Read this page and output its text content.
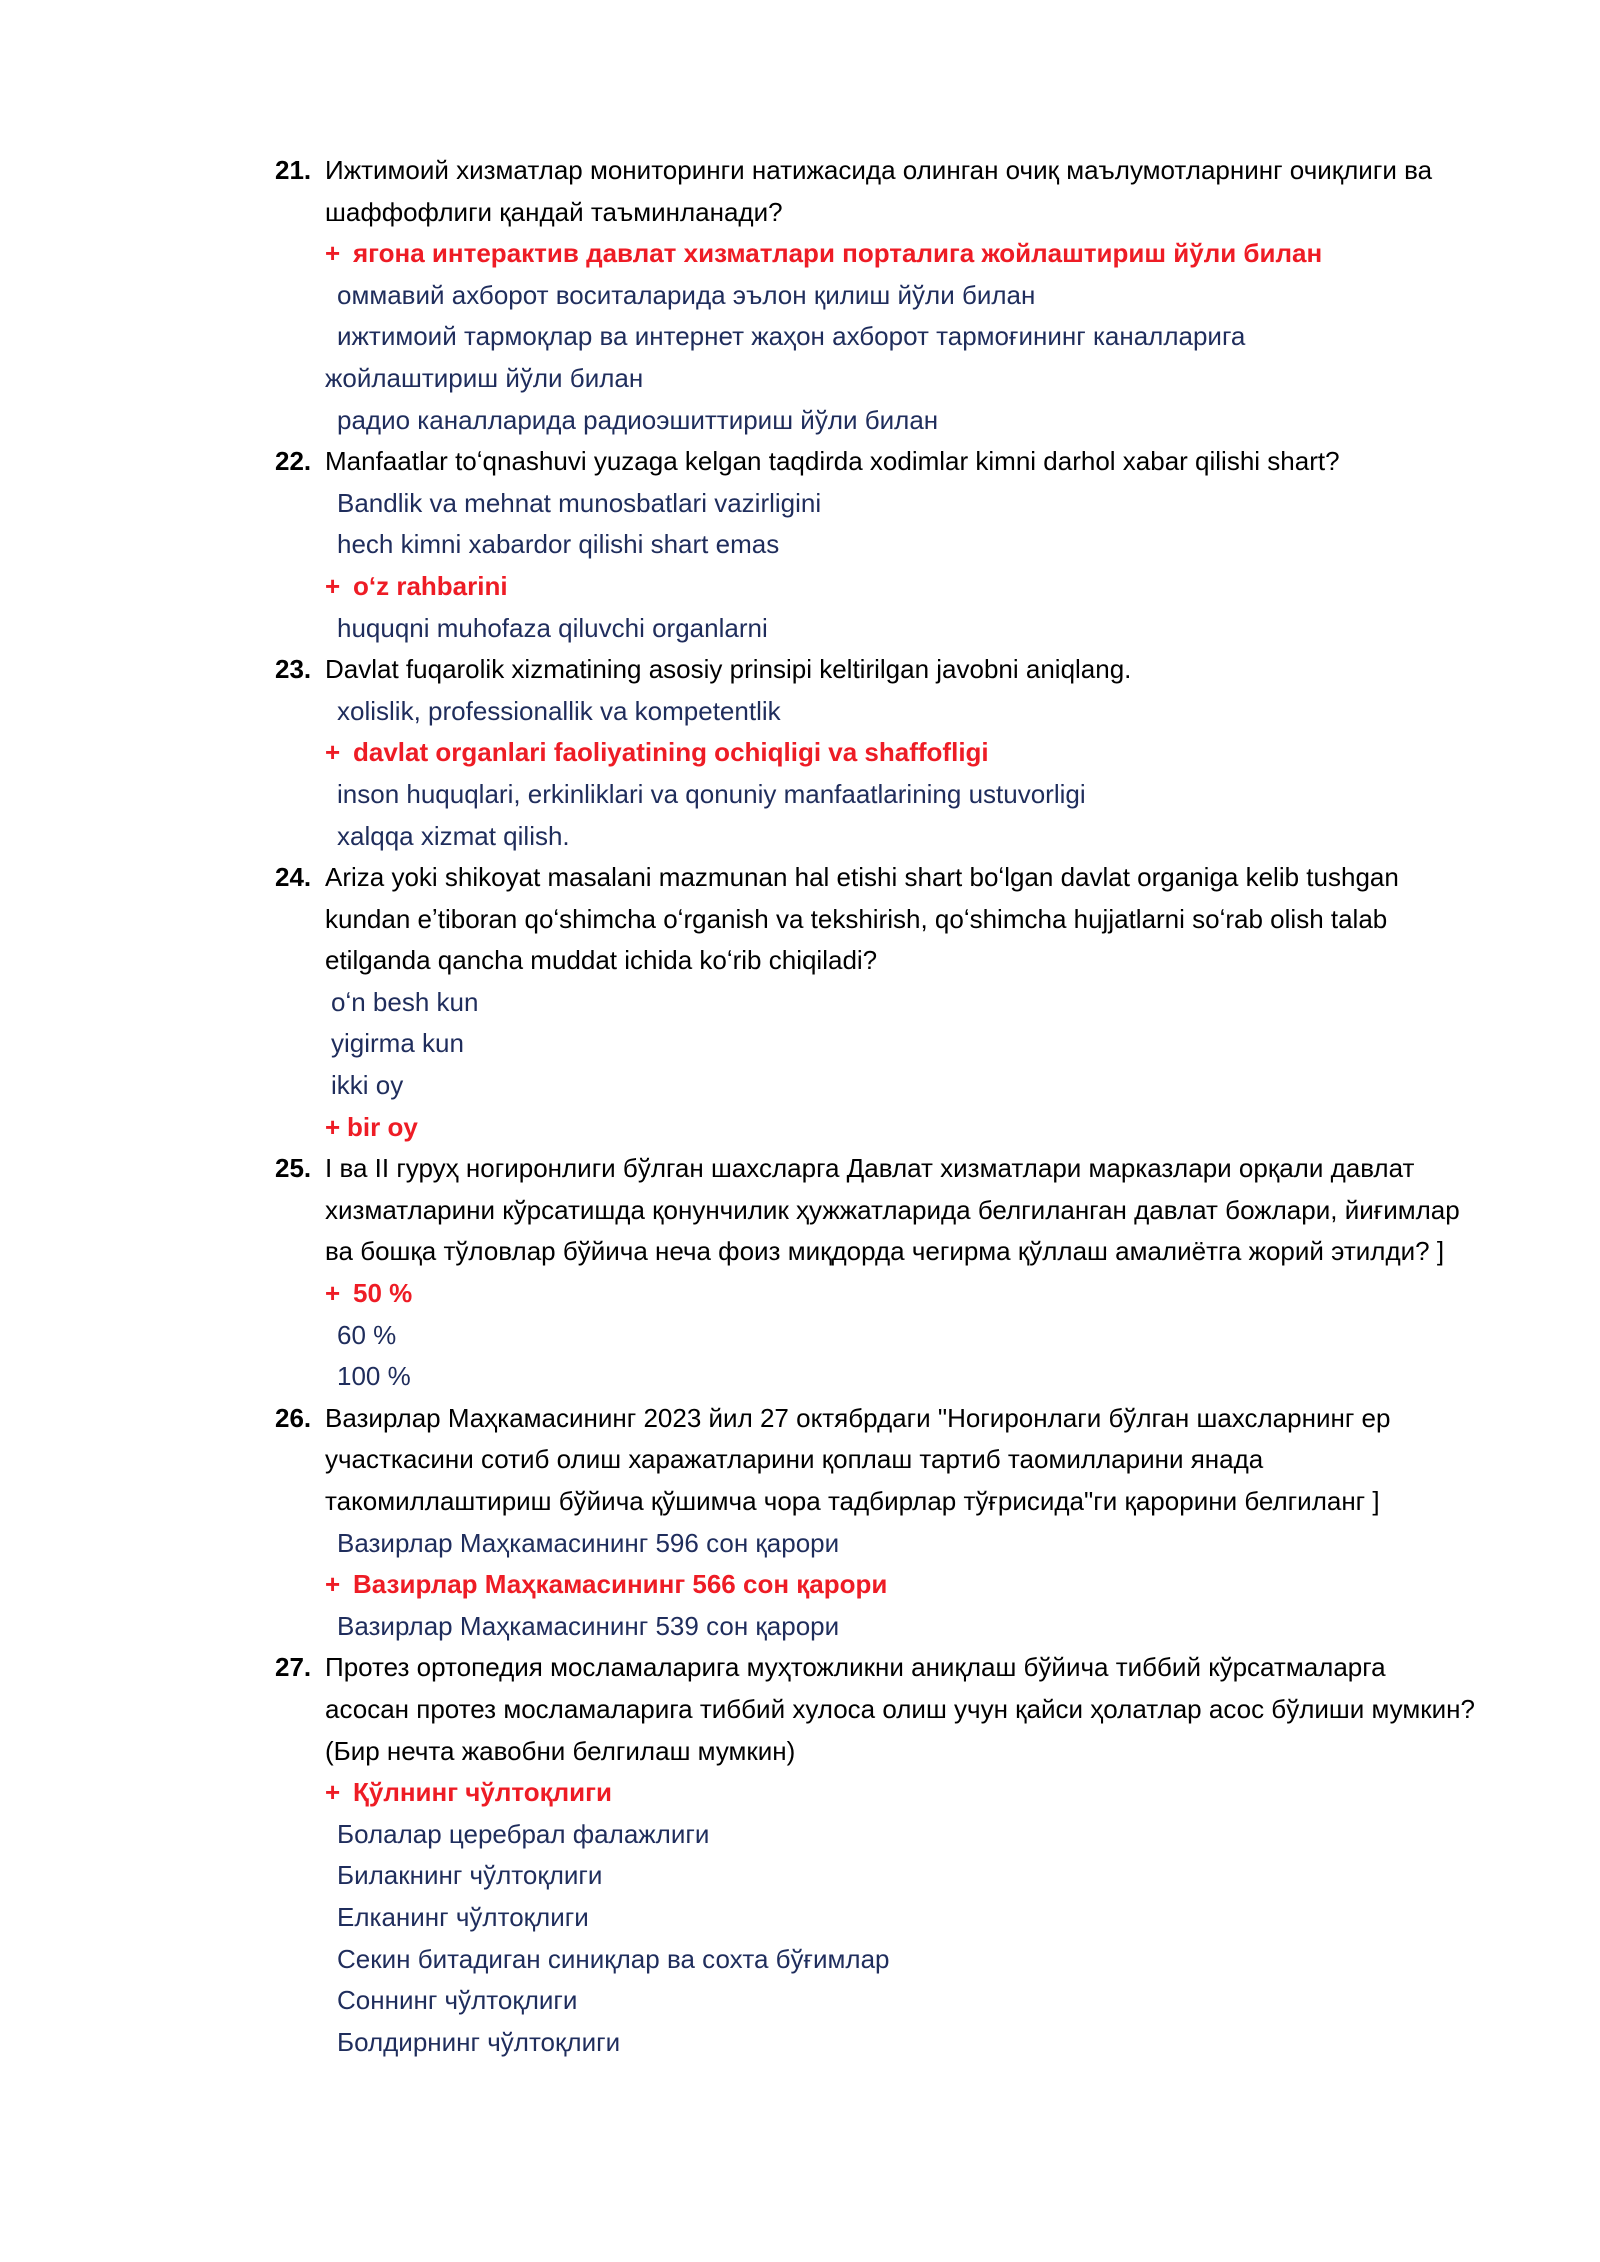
21. Ижтимоий хизматлар мониторинги натижасида олинган очиқ маълумотларнинг очиқлиги ва шаффофлиги қандай таъминланади?
+ ягона интерактив давлат хизматлари порталига жойлаштириш йўли билан
оммавий ахборот воситаларида эълон қилиш йўли билан
ижтимоий тармоқлар ва интернет жаҳон ахборот тармоғининг каналларига
жойлаштириш йўли билан
радио каналларида радиоэшиттириш йўли билан
22. Manfaatlar toʻqnashuvi yuzaga kelgan taqdirda xodimlar kimni darhol xabar qilishi shart?
Bandlik va mehnat munosbatlari vazirligini
hech kimni xabardor qilishi shart emas
+ oʻz rahbarini
huquqni muhofaza qiluvchi organlarni
23. Davlat fuqarolik xizmatining asosiy prinsipi keltirilgan javobni aniqlang.
xolislik, professionallik va kompetentlik
+ davlat organlari faoliyatining ochiqligi va shaffofligi
inson huquqlari, erkinliklari va qonuniy manfaatlarining ustuvorligi
xalqqa xizmat qilish.
24. Ariza yoki shikoyat masalani mazmunan hal etishi shart boʻlgan davlat organiga kelib tushgan kundan eʼtiboran qoʻshimcha oʻrganish va tekshirish, qoʻshimcha hujjatlarni soʻrab olish talab etilganda qancha muddat ichida koʻrib chiqiladi?
oʻn besh kun
yigirma kun
ikki oy
+ bir oy
25. I ва II гуруҳ ногиронлиги бўлган шахсларга Давлат хизматлари марказлари орқали давлат хизматларини кўрсатишда қонунчилик ҳужжатларида белгиланган давлат божлари, йиғимлар ва бошқа тўловлар бўйича неча фоиз миқдорда чегирма қўллаш амалиётга жорий этилди? ]
+ 50 %
60 %
100 %
26. Вазирлар Маҳкамасининг 2023 йил 27 октябрдаги "Ногиронлаги бўлган шахсларнинг ер участкасини сотиб олиш харажатларини қоплаш тартиб таомилларини янада такомиллаштириш бўйича қўшимча чора тадбирлар тўғрисида"ги қарорини белгиланг ]
Вазирлар Маҳкамасининг 596 сон қарори
+ Вазирлар Маҳкамасининг 566 сон қарори
Вазирлар Маҳкамасининг 539 сон қарори
27. Протез ортопедия мосламаларига муҳтожликни аниқлаш бўйича тиббий кўрсатмаларга асосан протез мосламаларига тиббий хулоса олиш учун қайси ҳолатлар асос бўлиши мумкин? (Бир нечта жавобни белгилаш мумкин)
+ Қўлнинг чўлтоқлиги
Болалар церебрал фалажлиги
Билакнинг чўлтоқлиги
Елканинг чўлтоқлиги
Секин битадиган синиқлар ва сохта бўғимлар
Соннинг чўлтоқлиги
Болдирнинг чўлтоқлиги
